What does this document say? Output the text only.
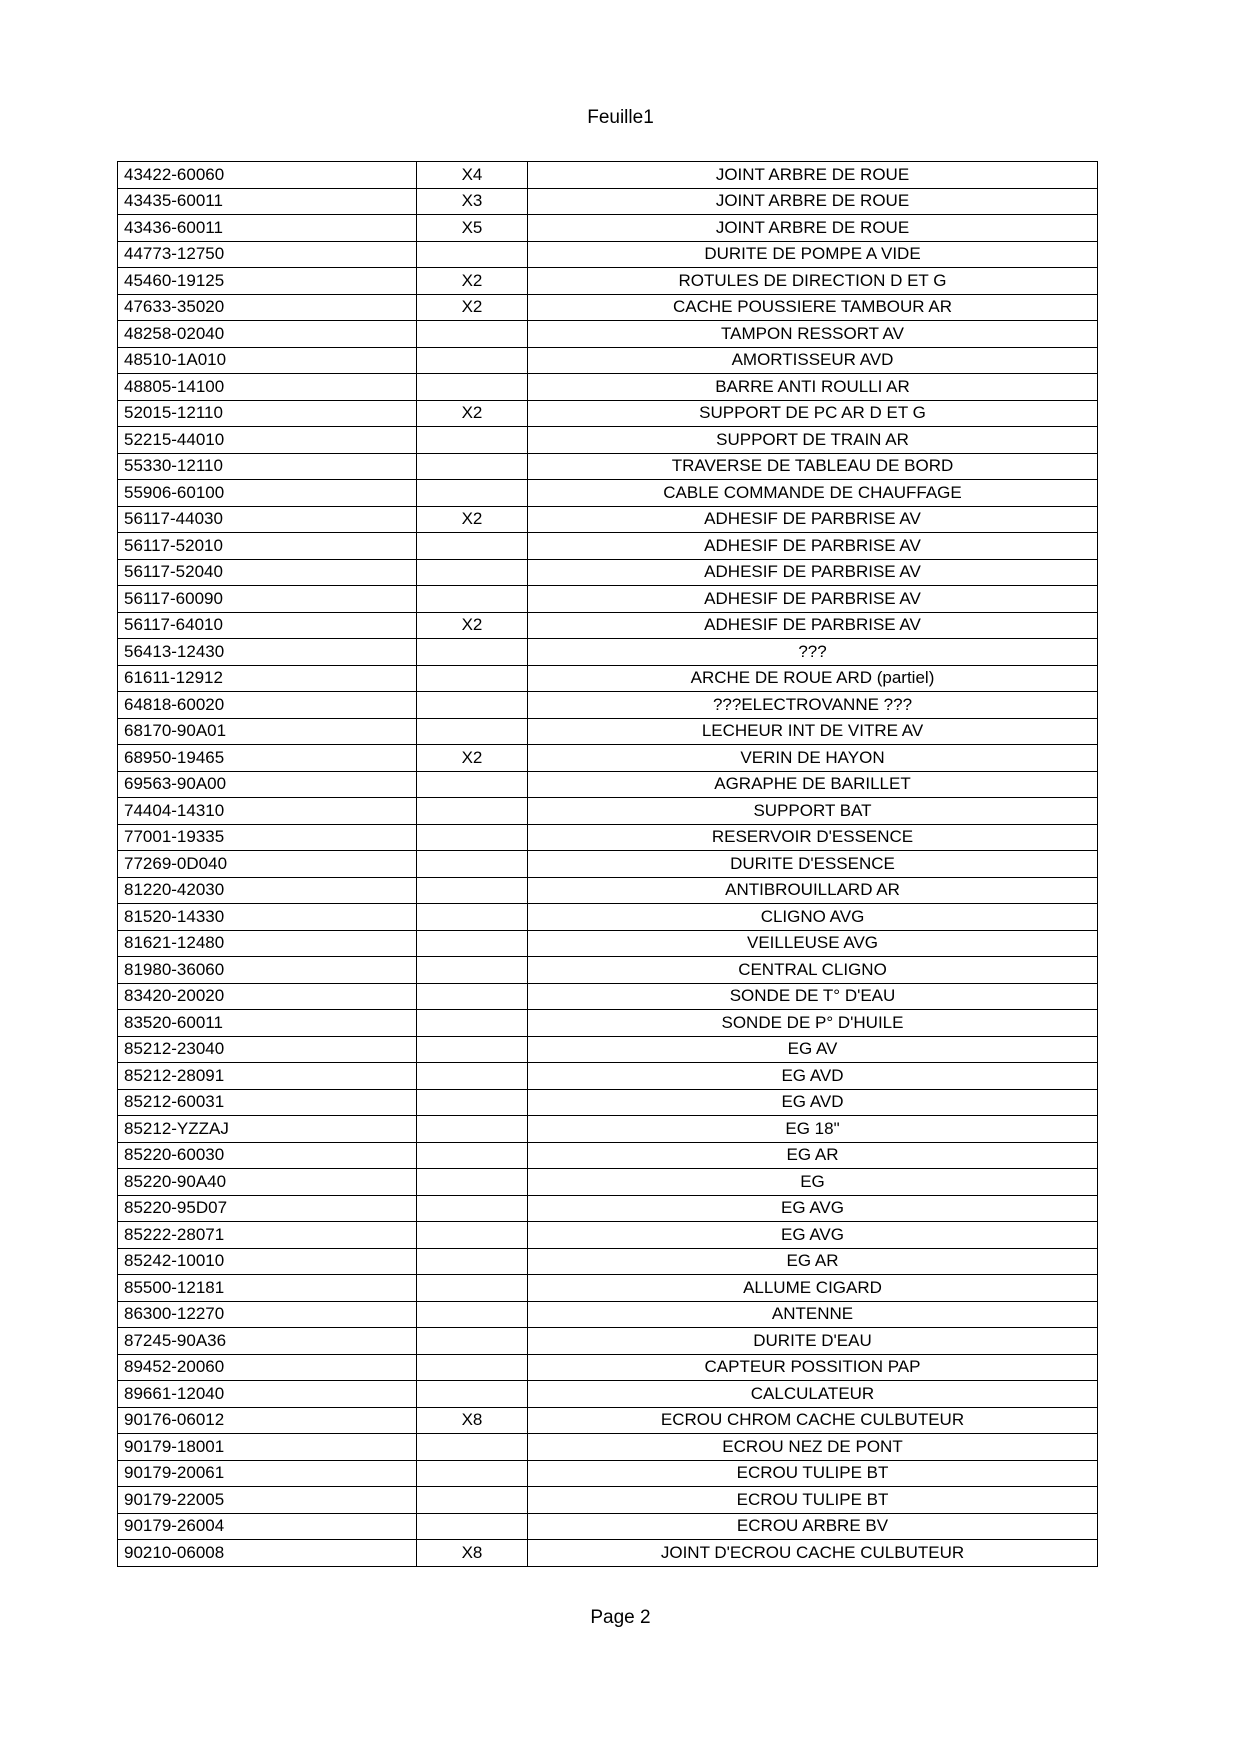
Feuille1
43422-60060	X4	JOINT ARBRE DE ROUE
43435-60011	X3	JOINT ARBRE DE ROUE
43436-60011	X5	JOINT ARBRE DE ROUE
44773-12750		DURITE DE POMPE A VIDE
45460-19125	X2	ROTULES DE DIRECTION D ET G
47633-35020	X2	CACHE POUSSIERE TAMBOUR AR
48258-02040		TAMPON RESSORT AV
48510-1A010		AMORTISSEUR AVD
48805-14100		BARRE ANTI ROULLI AR
52015-12110	X2	SUPPORT DE PC AR D ET G
52215-44010		SUPPORT DE TRAIN AR
55330-12110		TRAVERSE DE TABLEAU DE BORD
55906-60100		CABLE COMMANDE DE CHAUFFAGE
56117-44030	X2	ADHESIF DE PARBRISE AV
56117-52010		ADHESIF DE PARBRISE AV
56117-52040		ADHESIF DE PARBRISE AV
56117-60090		ADHESIF DE PARBRISE AV
56117-64010	X2	ADHESIF DE PARBRISE AV
56413-12430		???
61611-12912		ARCHE DE ROUE ARD (partiel)
64818-60020		???ELECTROVANNE ???
68170-90A01		LECHEUR INT DE VITRE AV
68950-19465	X2	VERIN DE HAYON
69563-90A00		AGRAPHE DE BARILLET
74404-14310		SUPPORT BAT
77001-19335		RESERVOIR D'ESSENCE
77269-0D040		DURITE D'ESSENCE
81220-42030		ANTIBROUILLARD AR
81520-14330		CLIGNO AVG
81621-12480		VEILLEUSE AVG
81980-36060		CENTRAL CLIGNO
83420-20020		SONDE DE T° D'EAU
83520-60011		SONDE DE P° D'HUILE
85212-23040		EG AV
85212-28091		EG AVD
85212-60031		EG AVD
85212-YZZAJ		EG 18"
85220-60030		EG AR
85220-90A40		EG
85220-95D07		EG AVG
85222-28071		EG AVG
85242-10010		EG AR
85500-12181		ALLUME CIGARD
86300-12270		ANTENNE
87245-90A36		DURITE D'EAU
89452-20060		CAPTEUR POSSITION PAP
89661-12040		CALCULATEUR
90176-06012	X8	ECROU CHROM CACHE CULBUTEUR
90179-18001		ECROU NEZ DE PONT
90179-20061		ECROU TULIPE BT
90179-22005		ECROU TULIPE BT
90179-26004		ECROU ARBRE BV
90210-06008	X8	JOINT D'ECROU CACHE CULBUTEUR
Page 2
